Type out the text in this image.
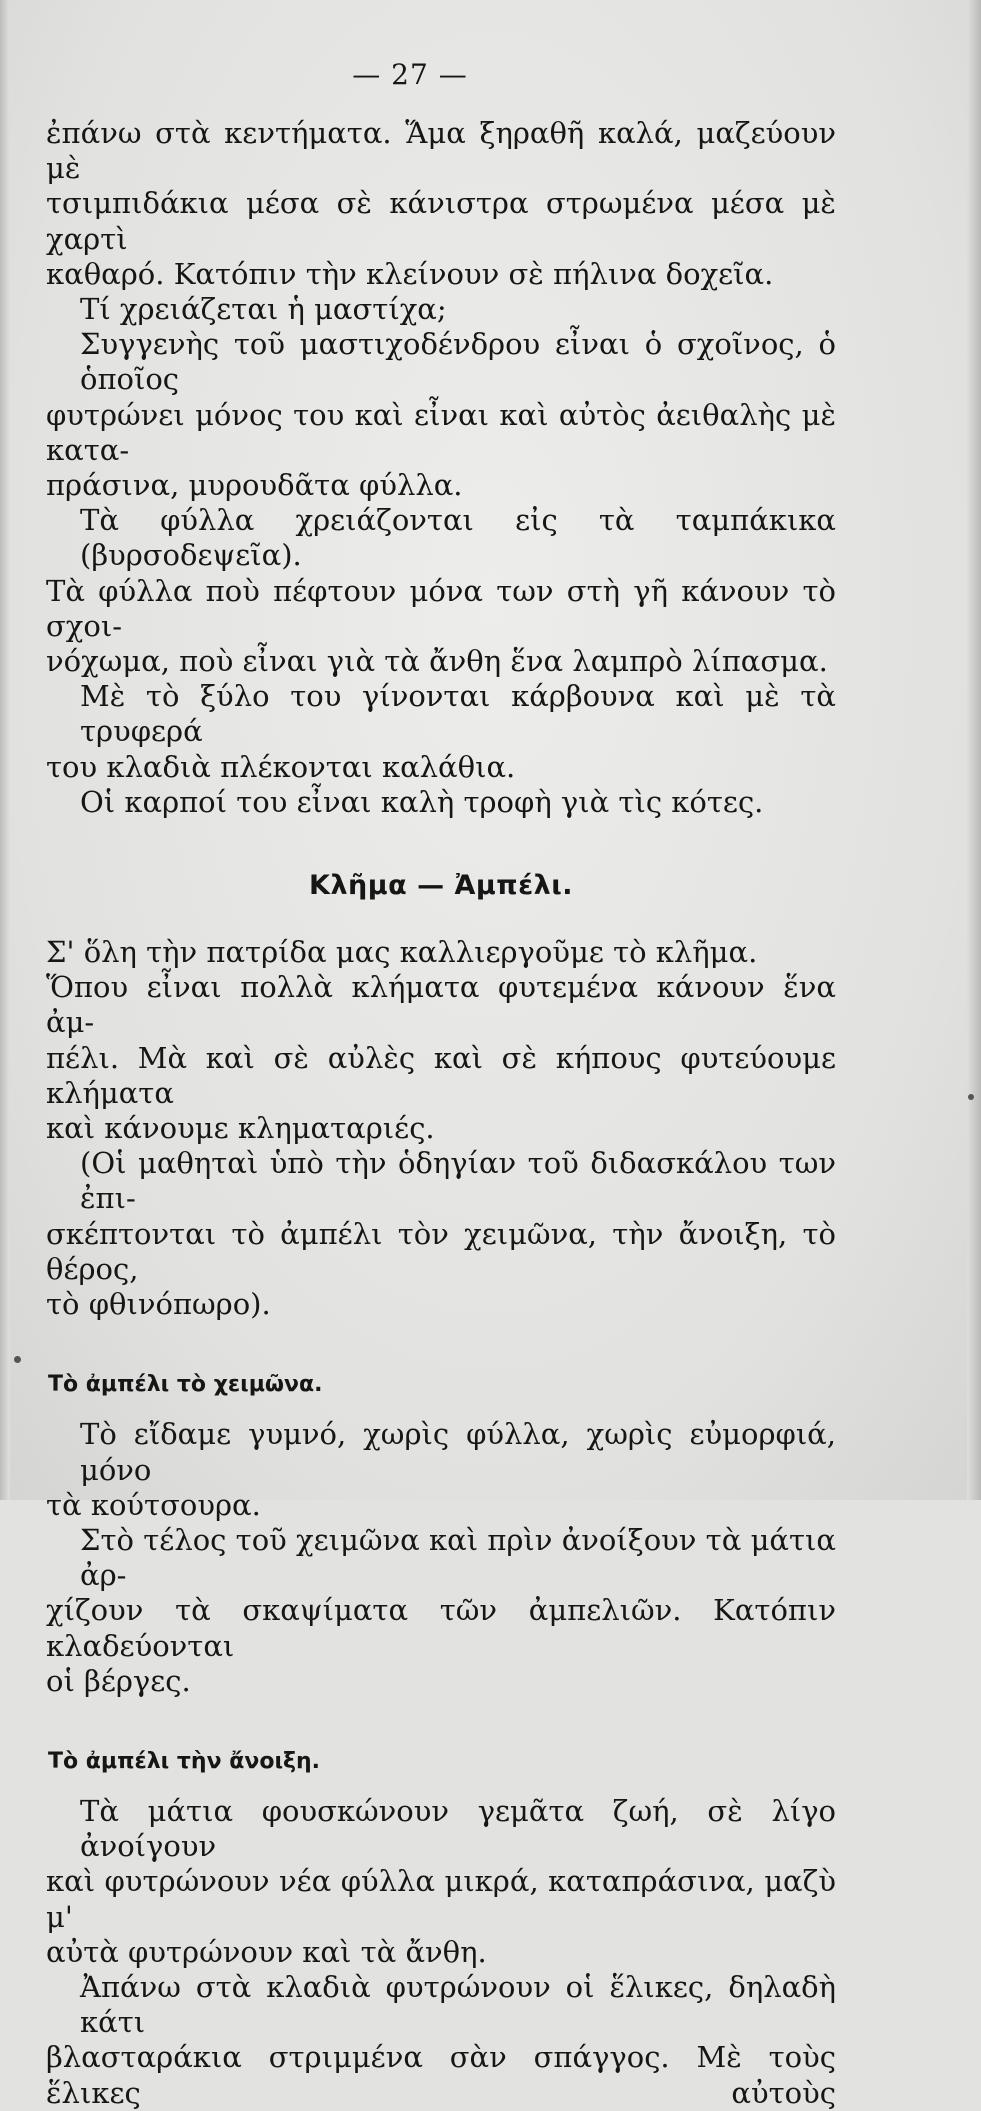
— 27 —
ἐπάνω στὰ κεντήματα. Ἅμα ξηραθῆ καλά, μαζεύουν μὲ
τσιμπιδάκια μέσα σὲ κάνιστρα στρωμένα μέσα μὲ χαρτὶ
καθαρό. Κατόπιν τὴν κλείνουν σὲ πήλινα δοχεῖα.
Τί χρειάζεται ἡ μαστίχα;
Συγγενὴς τοῦ μαστιχοδένδρου εἶναι ὁ σχοῖνος, ὁ ὁποῖος
φυτρώνει μόνος του καὶ εἶναι καὶ αὐτὸς ἀειθαλὴς μὲ κατα-
πράσινα, μυρουδᾶτα φύλλα.
Τὰ φύλλα χρειάζονται εἰς τὰ ταμπάκικα (βυρσοδεψεῖα).
Τὰ φύλλα ποὺ πέφτουν μόνα των στὴ γῆ κάνουν τὸ σχοι-
νόχωμα, ποὺ εἶναι γιὰ τὰ ἄνθη ἕνα λαμπρὸ λίπασμα.
Μὲ τὸ ξύλο του γίνονται κάρβουνα καὶ μὲ τὰ τρυφερά
του κλαδιὰ πλέκονται καλάθια.
Οἱ καρποί του εἶναι καλὴ τροφὴ γιὰ τὶς κότες.
Κλῆμα — Ἀμπέλι.
Σ' ὅλη τὴν πατρίδα μας καλλιεργοῦμε τὸ κλῆμα.
Ὅπου εἶναι πολλὰ κλήματα φυτεμένα κάνουν ἕνα ἀμ-
πέλι. Μὰ καὶ σὲ αὐλὲς καὶ σὲ κήπους φυτεύουμε κλήματα
καὶ κάνουμε κληματαριές.
(Οἱ μαθηταὶ ὑπὸ τὴν ὁδηγίαν τοῦ διδασκάλου των ἐπι-
σκέπτονται τὸ ἀμπέλι τὸν χειμῶνα, τὴν ἄνοιξη, τὸ θέρος,
τὸ φθινόπωρο).
Τὸ ἀμπέλι τὸ χειμῶνα.
Τὸ εἴδαμε γυμνό, χωρὶς φύλλα, χωρὶς εὐμορφιά, μόνο
τὰ κούτσουρα.
Στὸ τέλος τοῦ χειμῶνα καὶ πρὶν ἀνοίξουν τὰ μάτια ἀρ-
χίζουν τὰ σκαψίματα τῶν ἀμπελιῶν. Κατόπιν κλαδεύονται
οἱ βέργες.
Τὸ ἀμπέλι τὴν ἄνοιξη.
Τὰ μάτια φουσκώνουν γεμᾶτα ζωή, σὲ λίγο ἀνοίγουν
καὶ φυτρώνουν νέα φύλλα μικρά, καταπράσινα, μαζὺ μ'
αὐτὰ φυτρώνουν καὶ τὰ ἄνθη.
Ἀπάνω στὰ κλαδιὰ φυτρώνουν οἱ ἕλικες, δηλαδὴ κάτι
βλασταράκια στριμμένα σὰν σπάγγος. Μὲ τοὺς ἕλικες αὐτοὺς
